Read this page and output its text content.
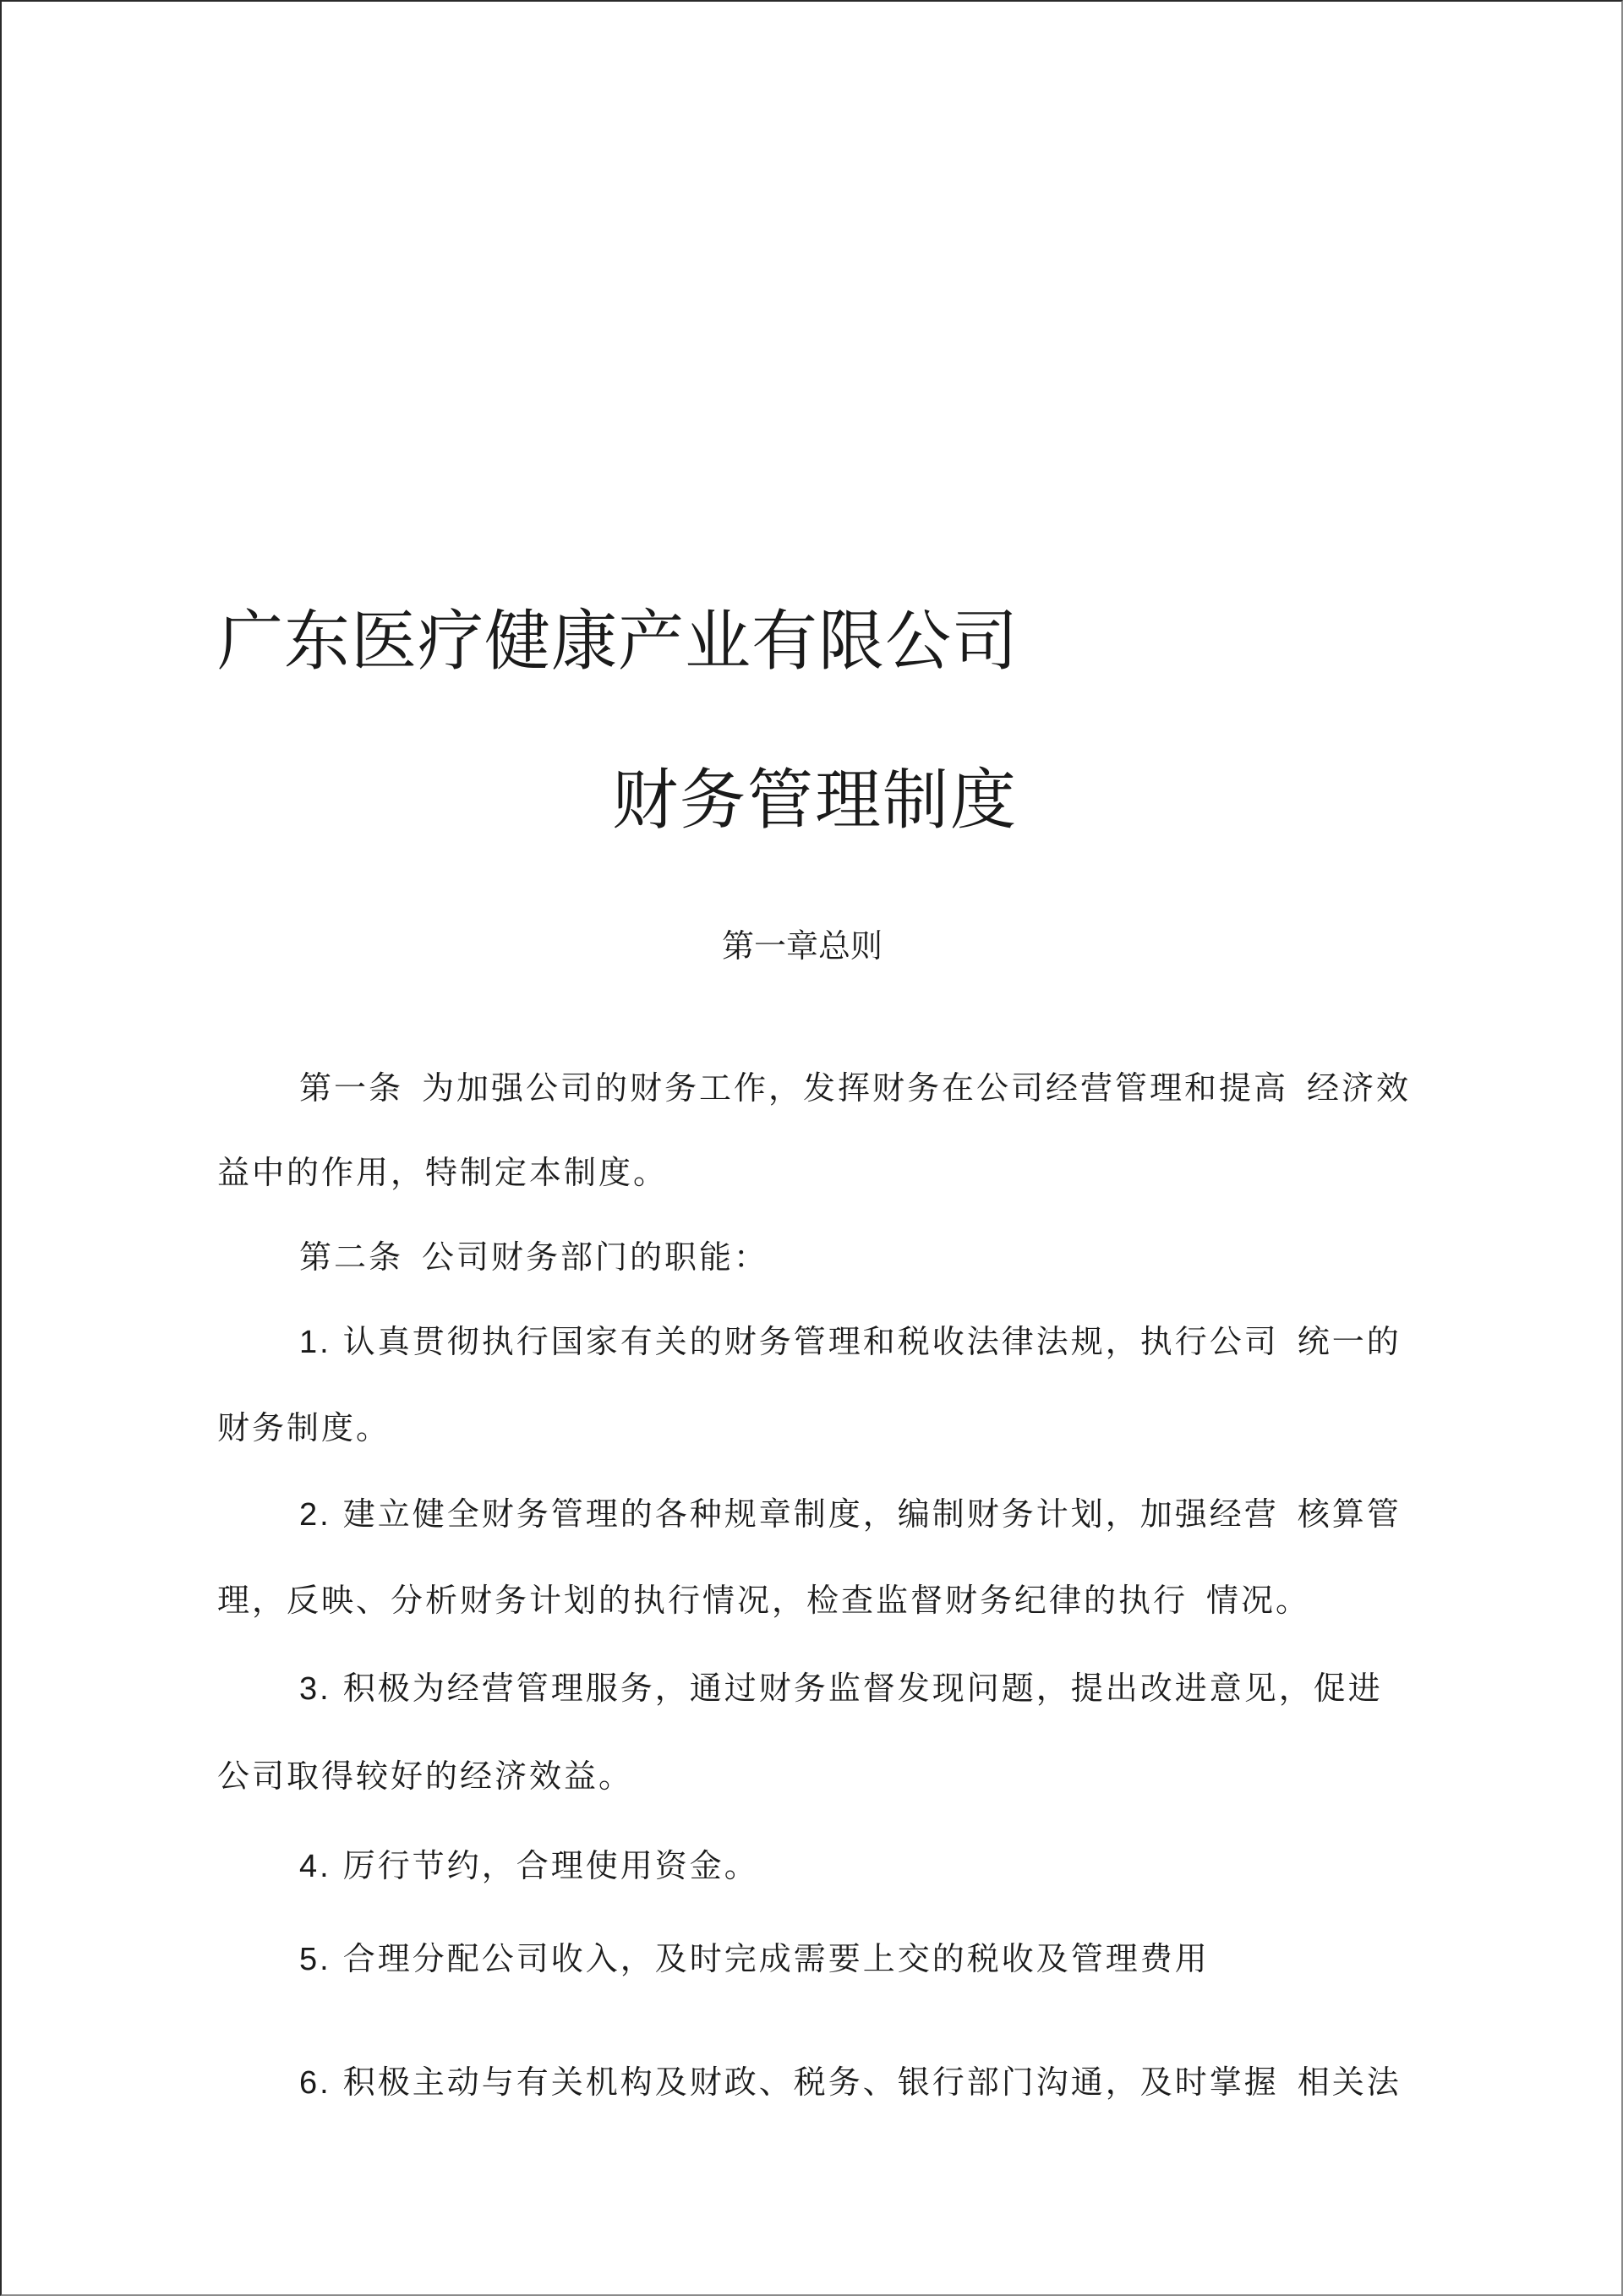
广东医疗健康产业有限公司
财务管理制度
第一章总则
第一条 为加强公司的财务工作，发挥财务在公司经营管理和提高 经济效
益中的作用，特制定本制度。
第二条 公司财务部门的职能：
1. 认真贯彻执行国家有关的财务管理和税收法律法规，执行公司 统一的
财务制度。
2. 建立健全财务管理的各种规章制度，编制财务计划，加强经营 核算管
理，反映、分析财务计划的执行情况，检查监督财务纪律的执行 情况。
3. 积极为经营管理服务，通过财务监督发现问题，提出改进意见，促进
公司取得较好的经济效益。
4. 厉行节约，合理使用资金。
5. 合理分配公司收入，及时完成需要上交的税收及管理费用
6. 积极主动与有关机构及财政、税务、银行部门沟通，及时掌握 相关法
